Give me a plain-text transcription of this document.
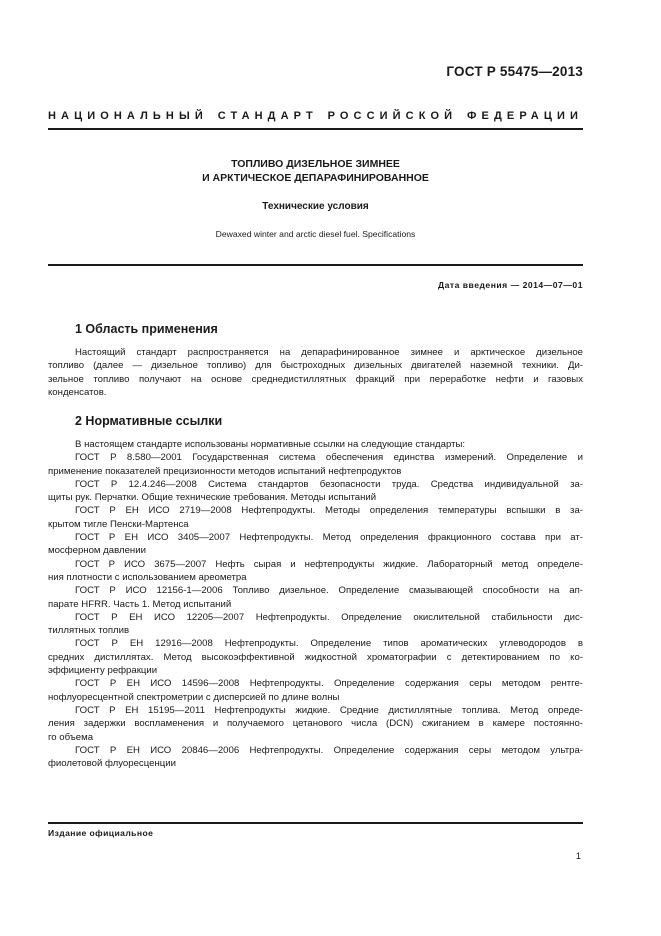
ГОСТ Р 55475—2013
НАЦИОНАЛЬНЫЙ СТАНДАРТ РОССИЙСКОЙ ФЕДЕРАЦИИ
ТОПЛИВО ДИЗЕЛЬНОЕ ЗИМНЕЕ
И АРКТИЧЕСКОЕ ДЕПАРАФИНИРОВАННОЕ
Технические условия
Dewaxed winter and arctic diesel fuel. Specifications
Дата введения — 2014—07—01
1 Область применения
Настоящий стандарт распространяется на депарафинированное зимнее и арктическое дизельное
топливо (далее — дизельное топливо) для быстроходных дизельных двигателей наземной техники. Ди-
зельное топливо получают на основе среднедистиллятных фракций при переработке нефти и газовых
конденсатов.
2 Нормативные ссылки
В настоящем стандарте использованы нормативные ссылки на следующие стандарты:
ГОСТ Р 8.580—2001 Государственная система обеспечения единства измерений. Определение и
применение показателей прецизионности методов испытаний нефтепродуктов
ГОСТ Р 12.4.246—2008 Система стандартов безопасности труда. Средства индивидуальной за-
щиты рук. Перчатки. Общие технические требования. Методы испытаний
ГОСТ Р ЕН ИСО 2719—2008 Нефтепродукты. Методы определения температуры вспышки в за-
крытом тигле Пенски-Мартенса
ГОСТ Р ЕН ИСО 3405—2007 Нефтепродукты. Метод определения фракционного состава при ат-
мосферном давлении
ГОСТ Р ИСО 3675—2007 Нефть сырая и нефтепродукты жидкие. Лабораторный метод определе-
ния плотности с использованием ареометра
ГОСТ Р ИСО 12156-1—2006 Топливо дизельное. Определение смазывающей способности на ап-
парате HFRR. Часть 1. Метод испытаний
ГОСТ Р ЕН ИСО 12205—2007 Нефтепродукты. Определение окислительной стабильности дис-
тиллятных топлив
ГОСТ Р ЕН 12916—2008 Нефтепродукты. Определение типов ароматических углеводородов в
средних дистиллятах. Метод высокоэффективной жидкостной хроматографии с детектированием по ко-
эффициенту рефракции
ГОСТ Р ЕН ИСО 14596—2008 Нефтепродукты. Определение содержания серы методом рентге-
нофлуоресцентной спектрометрии с дисперсией по длине волны
ГОСТ Р ЕН 15195—2011 Нефтепродукты жидкие. Средние дистиллятные топлива. Метод опреде-
ления задержки воспламенения и получаемого цетанового числа (DCN) сжиганием в камере постоянно-
го объема
ГОСТ Р ЕН ИСО 20846—2006 Нефтепродукты. Определение содержания серы методом ультра-
фиолетовой флуоресценции
Издание официальное
1
